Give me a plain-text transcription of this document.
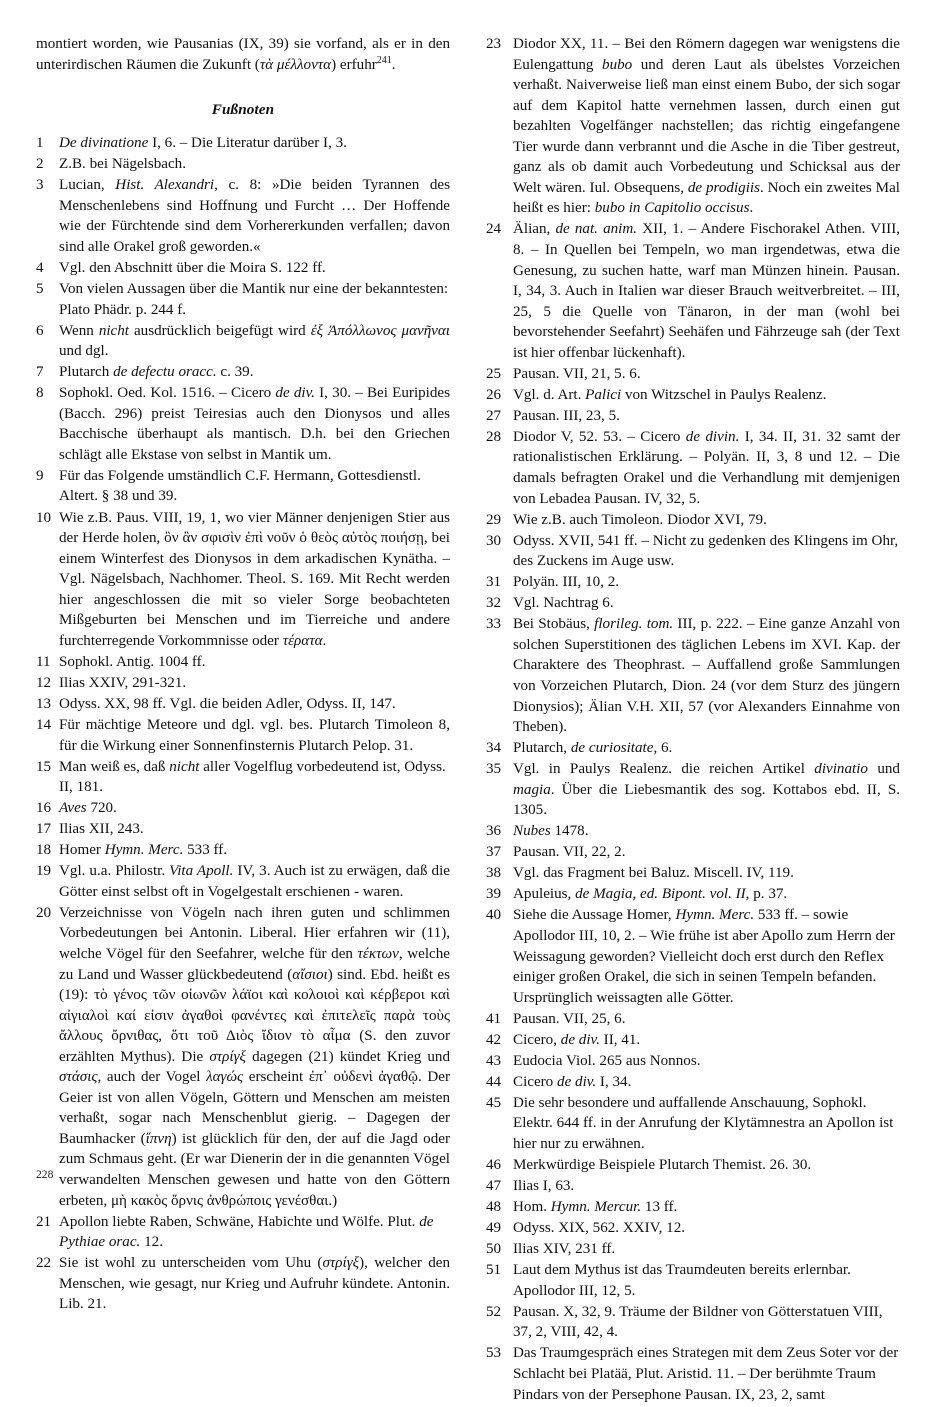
montiert worden, wie Pausanias (IX, 39) sie vorfand, als er in den unterirdischen Räumen die Zukunft (τὰ μέλλοντα) erfuhr$^{241}$.

Fußnoten
1	De divinatione I, 6. – Die Literatur darüber I, 3.
2	Z.B. bei Nägelsbach.
3	Lucian, Hist. Alexandri, c. 8: »Die beiden Tyrannen des Menschenlebens sind Hoffnung und Furcht … Der Hoffende wie der Fürchtende sind dem Vorhererkunden verfallen; davon sind alle Orakel groß geworden.«
4	Vgl. den Abschnitt über die Moira S. 122 ff.
5	Von vielen Aussagen über die Mantik nur eine der bekanntesten: Plato Phädr. p. 244 f.
6	Wenn nicht ausdrücklich beigefügt wird ἐξ Ἀπόλλωνος μανῆναι und dgl.
7	Plutarch de defectu oracc. c. 39.
8	Sophokl. Oed. Kol. 1516. – Cicero de div. I, 30. – Bei Euripides (Bacch. 296) preist Teiresias auch den Dionysos und alles Bacchische überhaupt als mantisch. D.h. bei den Griechen schlägt alle Ekstase von selbst in Mantik um.
9	Für das Folgende umständlich C.F. Hermann, Gottesdienstl. Altert. § 38 und 39.
10 Wie z.B. Paus. VIII, 19, 1, wo vier Männer denjenigen Stier aus der Herde holen, ὃν ἂν σφισὶν ἐπὶ νοῦν ὁ θεὸς αὐτὸς ποιήσῃ, bei einem Winterfest des Dionysos in dem arkadischen Kynätha. – Vgl. Nägelsbach, Nachhomer. Theol. S. 169. Mit Recht werden hier angeschlossen die mit so vieler Sorge beobachteten Mißgeburten bei Menschen und im Tierreiche und andere furchterregende Vorkommnisse oder τέρατα.
11 Sophokl. Antig. 1004 ff.
12 Ilias XXIV, 291-321.
13 Odyss. XX, 98 ff. Vgl. die beiden Adler, Odyss. II, 147.
14 Für mächtige Meteore und dgl. vgl. bes. Plutarch Timoleon 8, für die Wirkung einer Sonnenfinsternis Plutarch Pelop. 31.
15 Man weiß es, daß nicht aller Vogelflug vorbedeutend ist, Odyss. II, 181.
16 Aves 720.
17 Ilias XII, 243.
18 Homer Hymn. Merc. 533 ff.
19 Vgl. u.a. Philostr. Vita Apoll. IV, 3. Auch ist zu erwägen, daß die Götter einst selbst oft in Vogelgestalt erschienen - waren.
20 Verzeichnisse von Vögeln nach ihren guten und schlimmen Vorbedeutungen bei Antonin. Liberal. Hier erfahren wir (11), welche Vögel für den Seefahrer, welche für den τέκτων, welche zu Land und Wasser glückbedeutend (αἴσιοι) sind. Ebd. heißt es (19): τὸ γένος τῶν οἰωνῶν λάϊοι καὶ κολοιοὶ καὶ κέρβεροι καὶ αἰγιαλοὶ καί εἰσιν ἀγαθοὶ φανέντες καὶ ἐπιτελεῖς παρὰ τοὺς ἄλλους ὄρνιθας, ὅτι τοῦ Διὸς ἴδιον τὸ αἷμα (S. den zuvor erzählten Mythus). Die στρίγξ dagegen (21) kündet Krieg und στάσις, auch der Vogel λαγώς erscheint ἐπ᾽ οὐδενὶ ἀγαθῷ. Der Geier ist von allen Vögeln, Göttern und Menschen am meisten verhaßt, sogar nach Menschenblut gierig. – Dagegen der Baumhacker (ἴπνη) ist glücklich für den, der auf die Jagd oder zum Schmaus geht. (Er war Dienerin der in die genannten Vögel verwandelten Menschen gewesen und hatte von den Göttern erbeten, μὴ κακὸς ὄρνις ἀνθρώποις γενέσθαι.)
21 Apollon liebte Raben, Schwäne, Habichte und Wölfe. Plut. de Pythiae orac. 12.
22 Sie ist wohl zu unterscheiden vom Uhu (στρίγξ), welcher den Menschen, wie gesagt, nur Krieg und Aufruhr kündete. Antonin. Lib. 21.
23 Diodor XX, 11. – Bei den Römern dagegen war wenigstens die Eulengattung bubo und deren Laut als übelstes Vorzeichen verhaßt. Naiverweise ließ man einst einem Bubo, der sich sogar auf dem Kapitol hatte vernehmen lassen, durch einen gut bezahlten Vogelfänger nachstellen; das richtig eingefangene Tier wurde dann verbrannt und die Asche in die Tiber gestreut, ganz als ob damit auch Vorbedeutung und Schicksal aus der Welt wären. Iul. Obsequens, de prodigiis. Noch ein zweites Mal heißt es hier: bubo in Capitolio occisus.
24 Älian, de nat. anim. XII, 1. – Andere Fischorakel Athen. VIII, 8. – In Quellen bei Tempeln, wo man irgendetwas, etwa die Genesung, zu suchen hatte, warf man Münzen hinein. Pausan. I, 34, 3. Auch in Italien war dieser Brauch weitverbreitet. – III, 25, 5 die Quelle von Tänaron, in der man (wohl bei bevorstehender Seefahrt) Seehäfen und Fährzeuge sah (der Text ist hier offenbar lückenhaft).
25 Pausan. VII, 21, 5. 6.
26 Vgl. d. Art. Palici von Witzschel in Paulys Realenz.
27 Pausan. III, 23, 5.
28 Diodor V, 52. 53. – Cicero de divin. I, 34. II, 31. 32 samt der rationalistischen Erklärung. – Polyän. II, 3, 8 und 12. – Die damals befragten Orakel und die Verhandlung mit demjenigen von Lebadea Pausan. IV, 32, 5.
29 Wie z.B. auch Timoleon. Diodor XVI, 79.
30 Odyss. XVII, 541 ff. – Nicht zu gedenken des Klingens im Ohr, des Zuckens im Auge usw.
31 Polyän. III, 10, 2.
32 Vgl. Nachtrag 6.
33 Bei Stobäus, florileg. tom. III, p. 222. – Eine ganze Anzahl von solchen Superstitionen des täglichen Lebens im XVI. Kap. der Charaktere des Theophrast. – Auffallend große Sammlungen von Vorzeichen Plutarch, Dion. 24 (vor dem Sturz des jüngern Dionysios); Älian V.H. XII, 57 (vor Alexanders Einnahme von Theben).
34 Plutarch, de curiositate, 6.
35 Vgl. in Paulys Realenz. die reichen Artikel divinatio und magia. Über die Liebesmantik des sog. Kottabos ebd. II, S. 1305.
36 Nubes 1478.
37 Pausan. VII, 22, 2.
38 Vgl. das Fragment bei Baluz. Miscell. IV, 119.
39 Apuleius, de Magia, ed. Bipont. vol. II, p. 37.
40 Siehe die Aussage Homer, Hymn. Merc. 533 ff. – sowie Apollodor III, 10, 2. – Wie frühe ist aber Apollo zum Herrn der Weissagung geworden? Vielleicht doch erst durch den Reflex einiger großen Orakel, die sich in seinen Tempeln befanden. Ursprünglich weissagten alle Götter.
41 Pausan. VII, 25, 6.
42 Cicero, de div. II, 41.
43 Eudocia Viol. 265 aus Nonnos.
44 Cicero de div. I, 34.
45 Die sehr besondere und auffallende Anschauung, Sophokl. Elektr. 644 ff. in der Anrufung der Klytämnestra an Apollon ist hier nur zu erwähnen.
46 Merkwürdige Beispiele Plutarch Themist. 26. 30.
47 Ilias I, 63.
48 Hom. Hymn. Mercur. 13 ff.
49 Odyss. XIX, 562. XXIV, 12.
50 Ilias XIV, 231 ff.
51 Laut dem Mythus ist das Traumdeuten bereits erlernbar. Apollodor III, 12, 5.
52 Pausan. X, 32, 9. Träume der Bildner von Götterstatuen VIII, 37, 2, VIII, 42, 4.
53 Das Traumgespräch eines Strategen mit dem Zeus Soter vor der Schlacht bei Platää, Plut. Aristid. 11. – Der berühmte Traum Pindars von der Persephone Pausan. IX, 23, 2, samt
228
